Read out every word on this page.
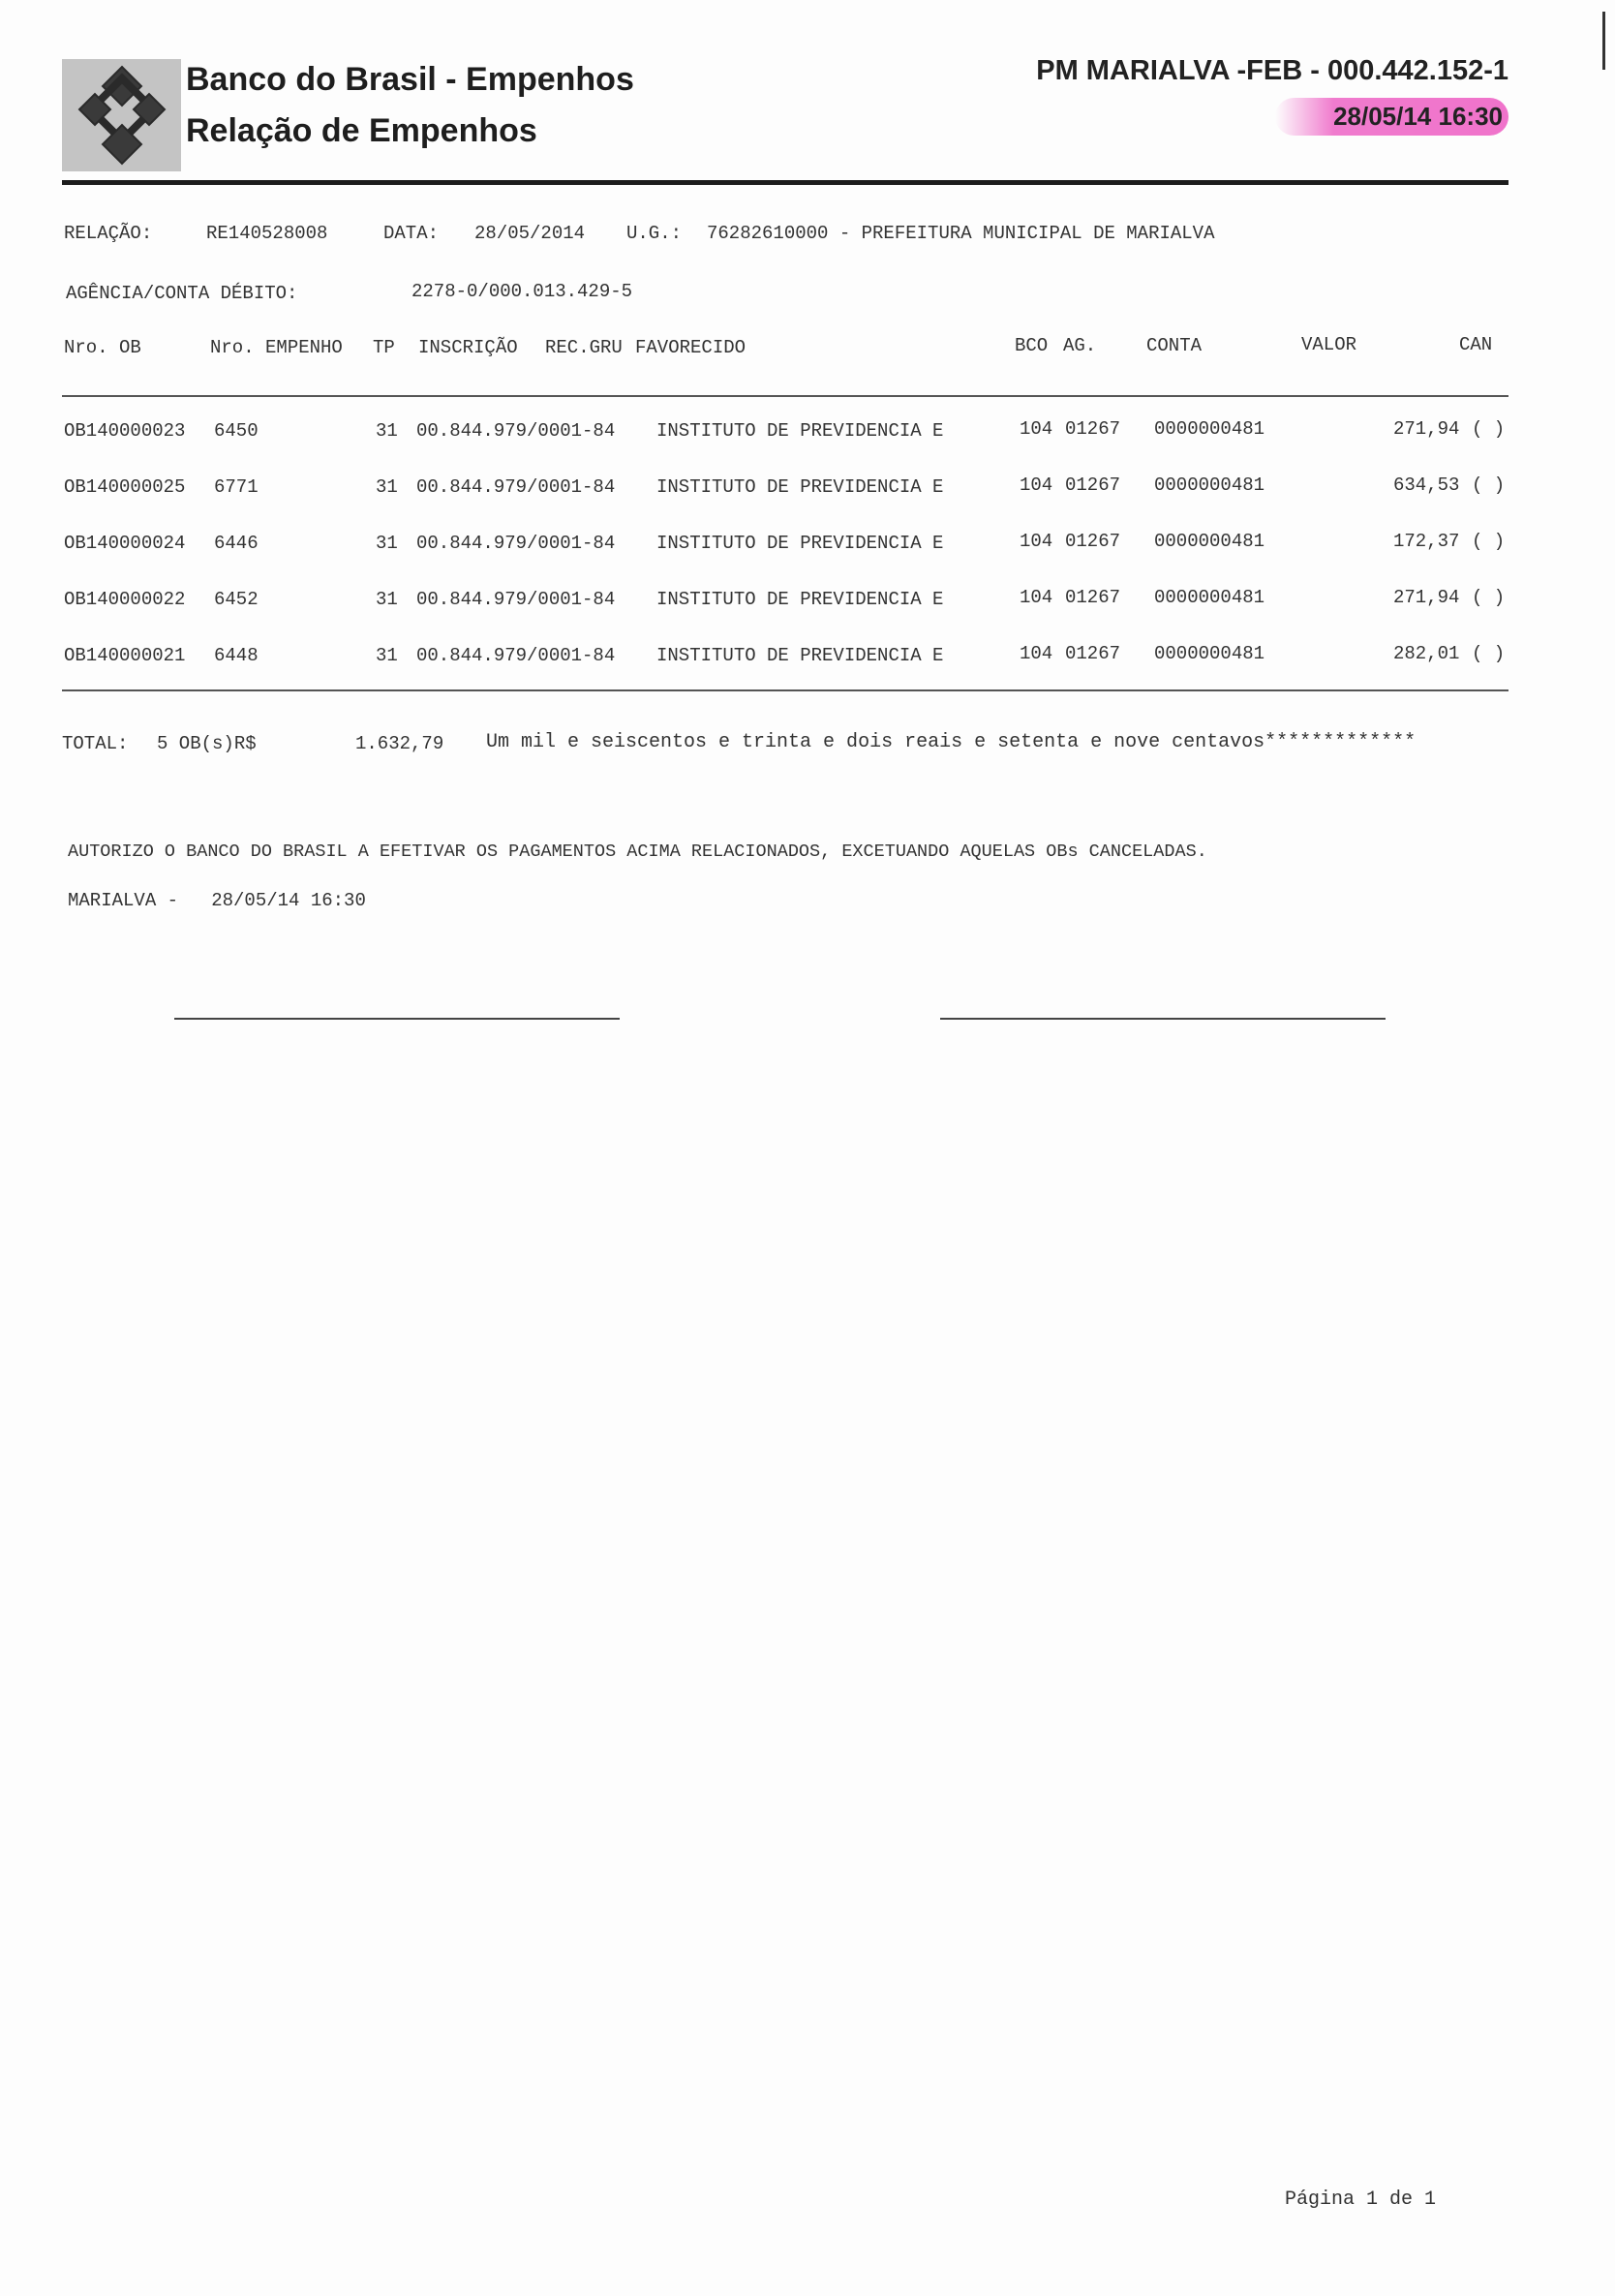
Banco do Brasil - Empenhos
Relação de Empenhos
PM MARIALVA -FEB - 000.442.152-1
28/05/14 16:30
RELAÇÃO:	RE140528008	DATA: 28/05/2014 U.G.: 76282610000 - PREFEITURA MUNICIPAL DE MARIALVA
AGÊNCIA/CONTA DÉBITO:	2278-0/000.013.429-5
Nro. OB	Nro. EMPENHO TP INSCRIÇÃO REC.GRU FAVORECIDO	BCO AG.	CONTA	VALOR	CAN
OB140000023 6450	31 00.844.979/0001-84 INSTITUTO DE PREVIDENCIA E	104 01267 0000000481	271,94 ( )
OB140000025 6771	31 00.844.979/0001-84 INSTITUTO DE PREVIDENCIA E	104 01267 0000000481	634,53 ( )
OB140000024 6446	31 00.844.979/0001-84 INSTITUTO DE PREVIDENCIA E	104 01267 0000000481	172,37 ( )
OB140000022 6452	31 00.844.979/0001-84 INSTITUTO DE PREVIDENCIA E	104 01267 0000000481	271,94 ( )
OB140000021 6448	31 00.844.979/0001-84 INSTITUTO DE PREVIDENCIA E	104 01267 0000000481	282,01 ( )
TOTAL: 5 OB(s)R$	1.632,79 Um mil e seiscentos e trinta e dois reais e setenta e nove centavos*************
AUTORIZO O BANCO DO BRASIL A EFETIVAR OS PAGAMENTOS ACIMA RELACIONADOS, EXCETUANDO AQUELAS OBs CANCELADAS.
MARIALVA -   28/05/14 16:30
Página 1 de 1
